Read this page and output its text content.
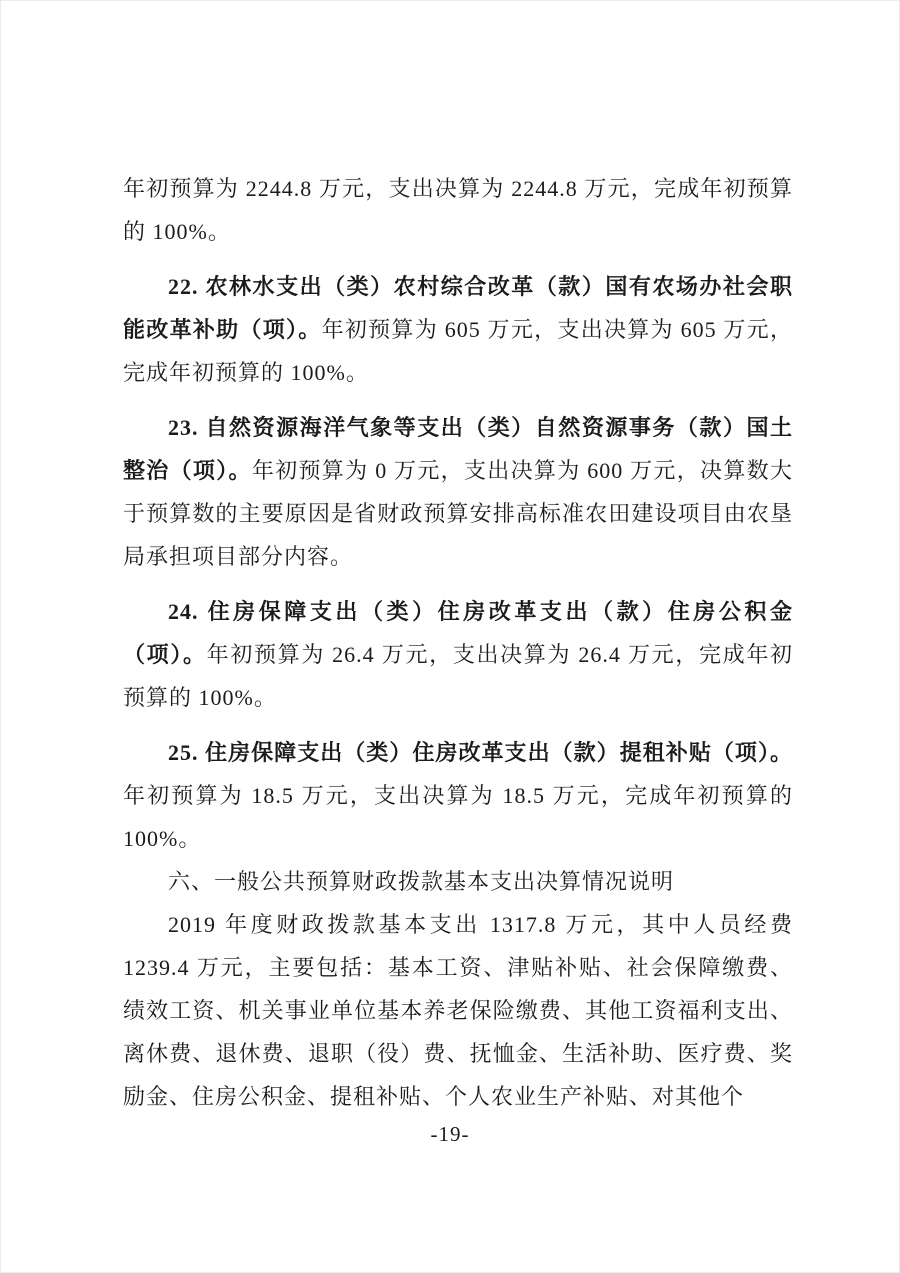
年初预算为 2244.8 万元，支出决算为 2244.8 万元，完成年初预算的 100%。

22. 农林水支出（类）农村综合改革（款）国有农场办社会职能改革补助（项）。年初预算为 605 万元，支出决算为 605 万元，完成年初预算的 100%。

23. 自然资源海洋气象等支出（类）自然资源事务（款）国土整治（项）。年初预算为 0 万元，支出决算为 600 万元，决算数大于预算数的主要原因是省财政预算安排高标准农田建设项目由农垦局承担项目部分内容。

24. 住房保障支出（类）住房改革支出（款）住房公积金（项）。年初预算为 26.4 万元，支出决算为 26.4 万元，完成年初预算的 100%。

25. 住房保障支出（类）住房改革支出（款）提租补贴（项）。年初预算为 18.5 万元，支出决算为 18.5 万元，完成年初预算的 100%。

六、一般公共预算财政拨款基本支出决算情况说明

2019 年度财政拨款基本支出 1317.8 万元，其中人员经费 1239.4 万元，主要包括：基本工资、津贴补贴、社会保障缴费、绩效工资、机关事业单位基本养老保险缴费、其他工资福利支出、离休费、退休费、退职（役）费、抚恤金、生活补助、医疗费、奖励金、住房公积金、提租补贴、个人农业生产补贴、对其他个

-19-
